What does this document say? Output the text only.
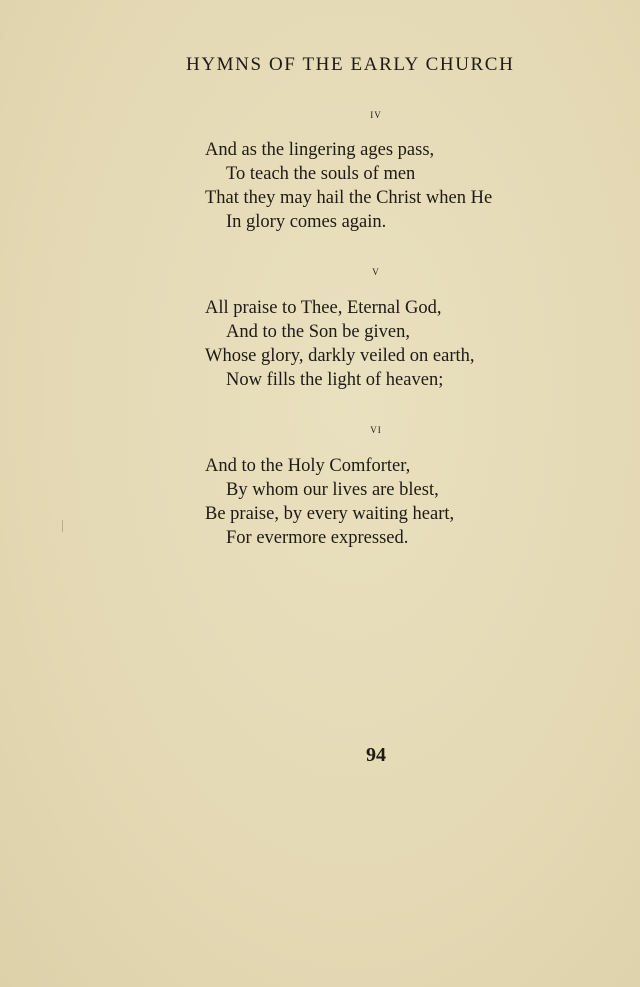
HYMNS OF THE EARLY CHURCH
iv

And as the lingering ages pass,
To teach the souls of men
That they may hail the Christ when He
In glory comes again.

v

All praise to Thee, Eternal God,
And to the Son be given,
Whose glory, darkly veiled on earth,
Now fills the light of heaven;

vi

And to the Holy Comforter,
By whom our lives are blest,
Be praise, by every waiting heart,
For evermore expressed.

94
